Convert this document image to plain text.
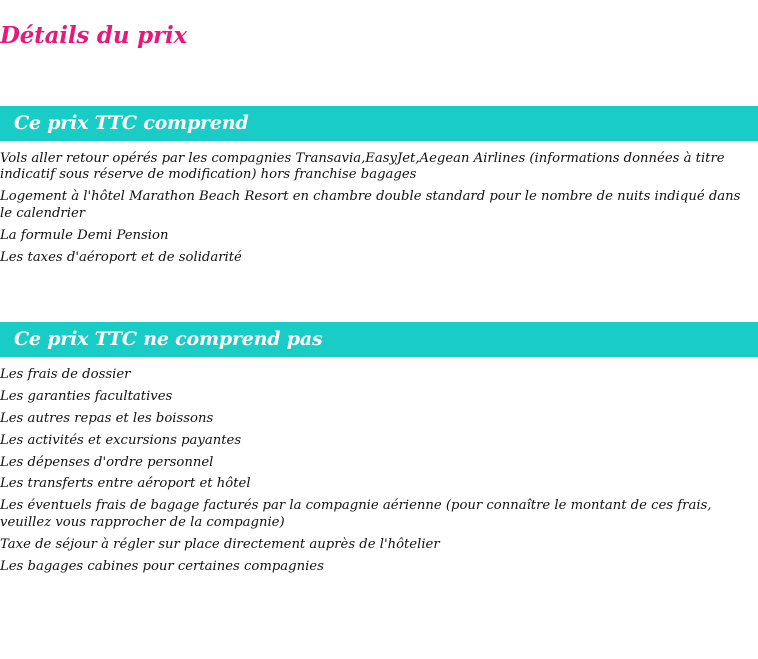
Détails du prix
Ce prix TTC comprend

Vols aller retour opérés par les compagnies Transavia,EasyJet,Aegean Airlines (informations données à titre indicatif sous réserve de modification) hors franchise bagages

Logement à l'hôtel Marathon Beach Resort en chambre double standard pour le nombre de nuits indiqué dans le calendrier

La formule Demi Pension

Les taxes d'aéroport et de solidarité

Ce prix TTC ne comprend pas

Les frais de dossier

Les garanties facultatives

Les autres repas et les boissons

Les activités et excursions payantes

Les dépenses d'ordre personnel

Les transferts entre aéroport et hôtel

Les éventuels frais de bagage facturés par la compagnie aérienne (pour connaître le montant de ces frais, veuillez vous rapprocher de la compagnie)

Taxe de séjour à régler sur place directement auprès de l'hôtelier

Les bagages cabines pour certaines compagnies
